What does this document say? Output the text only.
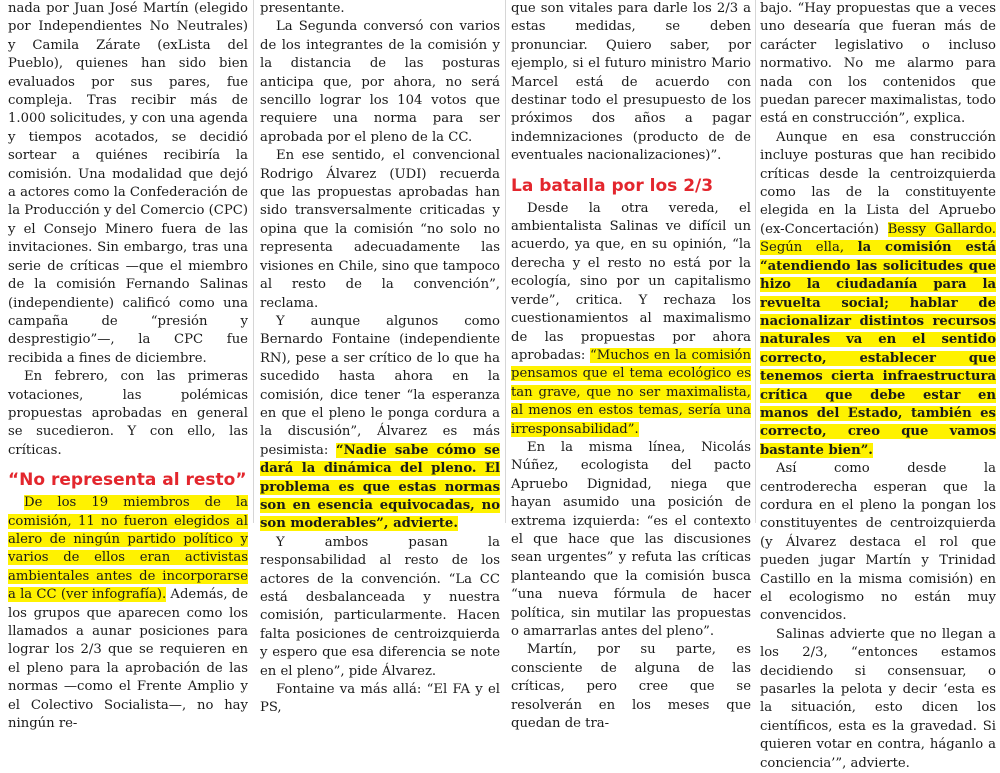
nada por Juan José Martín (elegido por Independientes No Neutrales) y Camila Zárate (exLista del Pueblo), quienes han sido bien evaluados por sus pares, fue compleja. Tras recibir más de 1.000 solicitudes, y con una agenda y tiempos acotados, se decidió sortear a quiénes recibiría la comisión. Una modalidad que dejó a actores como la Confederación de la Producción y del Comercio (CPC) y el Consejo Minero fuera de las invitaciones. Sin embargo, tras una serie de críticas —que el miembro de la comisión Fernando Salinas (independiente) calificó como una campaña de “presión y desprestigio”—, la CPC fue recibida a fines de diciembre.

En febrero, con las primeras votaciones, las polémicas propuestas aprobadas en general se sucedieron. Y con ello, las críticas.

“No representa al resto”

De los 19 miembros de la comisión, 11 no fueron elegidos al alero de ningún partido político y varios de ellos eran activistas ambientales antes de incorporarse a la CC (ver infografía). Además, de los grupos que aparecen como los llamados a aunar posiciones para lograr los 2/3 que se requieren en el pleno para la aprobación de las normas —como el Frente Amplio y el Colectivo Socialista—, no hay ningún re-

presentante.

La Segunda conversó con varios de los integrantes de la comisión y la distancia de las posturas anticipa que, por ahora, no será sencillo lograr los 104 votos que requiere una norma para ser aprobada por el pleno de la CC.

En ese sentido, el convencional Rodrigo Álvarez (UDI) recuerda que las propuestas aprobadas han sido transversalmente criticadas y opina que la comisión “no solo no representa adecuadamente las visiones en Chile, sino que tampoco al resto de la convención”, reclama.

Y aunque algunos como Bernardo Fontaine (independiente RN), pese a ser crítico de lo que ha sucedido hasta ahora en la comisión, dice tener “la esperanza en que el pleno le ponga cordura a la discusión”, Álvarez es más pesimista: “Nadie sabe cómo se dará la dinámica del pleno. El problema es que estas normas son en esencia equivocadas, no son moderables”, advierte.

Y ambos pasan la responsabilidad al resto de los actores de la convención. “La CC está desbalanceada y nuestra comisión, particularmente. Hacen falta posiciones de centroizquierda y espero que esa diferencia se note en el pleno”, pide Álvarez.

Fontaine va más allá: “El FA y el PS,

que son vitales para darle los 2/3 a estas medidas, se deben pronunciar. Quiero saber, por ejemplo, si el futuro ministro Mario Marcel está de acuerdo con destinar todo el presupuesto de los próximos dos años a pagar indemnizaciones (producto de de eventuales nacionalizaciones)”.

La batalla por los 2/3

Desde la otra vereda, el ambientalista Salinas ve difícil un acuerdo, ya que, en su opinión, “la derecha y el resto no está por la ecología, sino por un capitalismo verde”, critica. Y rechaza los cuestionamientos al maximalismo de las propuestas por ahora aprobadas: “Muchos en la comisión pensamos que el tema ecológico es tan grave, que no ser maximalista, al menos en estos temas, sería una irresponsabilidad”.

En la misma línea, Nicolás Núñez, ecologista del pacto Apruebo Dignidad, niega que hayan asumido una posición de extrema izquierda: “es el contexto el que hace que las discusiones sean urgentes” y refuta las críticas planteando que la comisión busca “una nueva fórmula de hacer política, sin mutilar las propuestas o amarrarlas antes del pleno”.

Martín, por su parte, es consciente de alguna de las críticas, pero cree que se resolverán en los meses que quedan de tra-

bajo. “Hay propuestas que a veces uno desearía que fueran más de carácter legislativo o incluso normativo. No me alarmo para nada con los contenidos que puedan parecer maximalistas, todo está en construcción”, explica.

Aunque en esa construcción incluye posturas que han recibido críticas desde la centroizquierda como las de la constituyente elegida en la Lista del Apruebo (ex-Concertación) Bessy Gallardo. Según ella, la comisión está “atendiendo las solicitudes que hizo la ciudadanía para la revuelta social; hablar de nacionalizar distintos recursos naturales va en el sentido correcto, establecer que tenemos cierta infraestructura crítica que debe estar en manos del Estado, también es correcto, creo que vamos bastante bien”.

Así como desde la centroderecha esperan que la cordura en el pleno la pongan los constituyentes de centroizquierda (y Álvarez destaca el rol que pueden jugar Martín y Trinidad Castillo en la misma comisión) en el ecologismo no están muy convencidos.

Salinas advierte que no llegan a los 2/3, “entonces estamos decidiendo si consensuar, o pasarles la pelota y decir ‘esta es la situación, esto dicen los científicos, esta es la gravedad. Si quieren votar en contra, háganlo a conciencia’”, advierte.
